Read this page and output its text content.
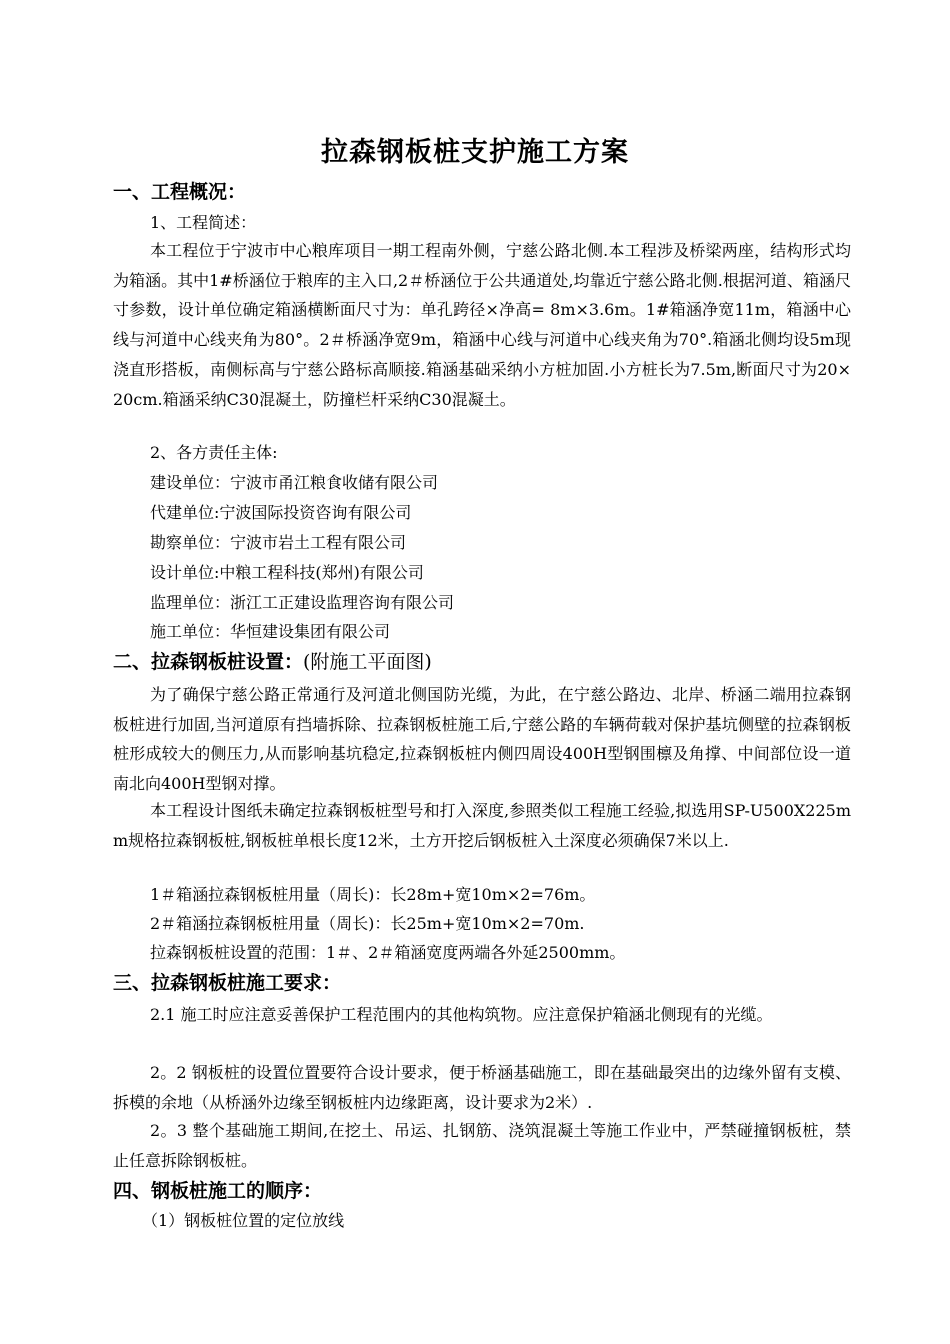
拉森钢板桩支护施工方案
一、工程概况：
1、工程简述：
本工程位于宁波市中心粮库项目一期工程南外侧，宁慈公路北侧.本工程涉及桥梁两座，结构形式均为箱涵。其中1#桥涵位于粮库的主入口,2＃桥涵位于公共通道处,均靠近宁慈公路北侧.根据河道、箱涵尺寸参数，设计单位确定箱涵横断面尺寸为：单孔跨径×净高= 8m×3.6m。1#箱涵净宽11m，箱涵中心线与河道中心线夹角为80°。2＃桥涵净宽9m，箱涵中心线与河道中心线夹角为70°.箱涵北侧均设5m现浇直形搭板，南侧标高与宁慈公路标高顺接.箱涵基础采纳小方桩加固.小方桩长为7.5m,断面尺寸为20×20cm.箱涵采纳C30混凝土，防撞栏杆采纳C30混凝土。
2、各方责任主体:
建设单位：宁波市甬江粮食收储有限公司
代建单位:宁波国际投资咨询有限公司
勘察单位：宁波市岩土工程有限公司
设计单位:中粮工程科技(郑州)有限公司
监理单位：浙江工正建设监理咨询有限公司
施工单位：华恒建设集团有限公司
二、拉森钢板桩设置：(附施工平面图)
为了确保宁慈公路正常通行及河道北侧国防光缆，为此，在宁慈公路边、北岸、桥涵二端用拉森钢板桩进行加固,当河道原有挡墙拆除、拉森钢板桩施工后,宁慈公路的车辆荷载对保护基坑侧壁的拉森钢板桩形成较大的侧压力,从而影响基坑稳定,拉森钢板桩内侧四周设400H型钢围檩及角撑、中间部位设一道南北向400H型钢对撑。
本工程设计图纸未确定拉森钢板桩型号和打入深度,参照类似工程施工经验,拟选用SP-U500X225mm规格拉森钢板桩,钢板桩单根长度12米，土方开挖后钢板桩入土深度必须确保7米以上.
1＃箱涵拉森钢板桩用量（周长)：长28m+宽10m×2=76m。
2＃箱涵拉森钢板桩用量（周长)：长25m+宽10m×2=70m.
拉森钢板桩设置的范围：1＃、2＃箱涵宽度两端各外延2500mm。
三、拉森钢板桩施工要求：
2.1 施工时应注意妥善保护工程范围内的其他构筑物。应注意保护箱涵北侧现有的光缆。
2。2 钢板桩的设置位置要符合设计要求，便于桥涵基础施工，即在基础最突出的边缘外留有支模、拆模的余地（从桥涵外边缘至钢板桩内边缘距离，设计要求为2米）.
2。3 整个基础施工期间,在挖土、吊运、扎钢筋、浇筑混凝土等施工作业中，严禁碰撞钢板桩，禁止任意拆除钢板桩。
四、钢板桩施工的顺序：
（1）钢板桩位置的定位放线
